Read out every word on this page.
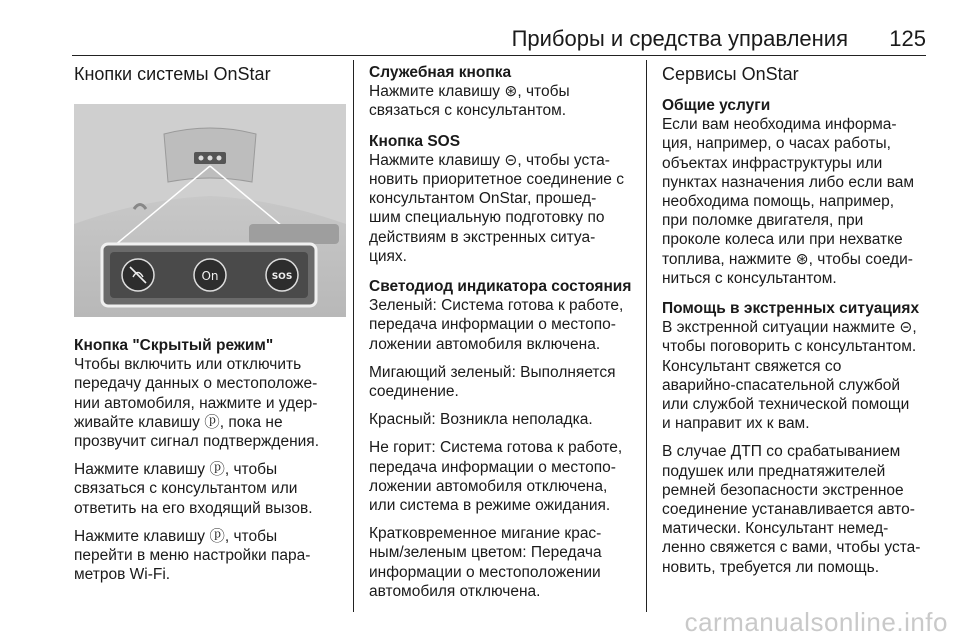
Приборы и средства управления 125
Кнопки системы OnStar
On	SOS
Кнопка "Скрытый режим"

Чтобы включить или отключить
передачу данных о местоположе-
нии автомобиля, нажмите и удер-
живайте клавишу ⓟ, пока не
прозвучит сигнал подтверждения.

Нажмите клавишу ⓟ, чтобы
связаться с консультантом или
ответить на его входящий вызов.

Нажмите клавишу ⓟ, чтобы
перейти в меню настройки пара-
метров Wi-Fi.

Служебная кнопка

Нажмите клавишу ⊛, чтобы
связаться с консультантом.

Кнопка SOS

Нажмите клавишу ⊝, чтобы уста-
новить приоритетное соединение с
консультантом OnStar, прошед-
шим специальную подготовку по
действиям в экстренных ситуа-
циях.

Светодиод индикатора состояния

Зеленый: Система готова к работе,
передача информации о местопо-
ложении автомобиля включена.

Мигающий зеленый: Выполняется
соединение.

Красный: Возникла неполадка.

Не горит: Система готова к работе,
передача информации о местопо-
ложении автомобиля отключена,
или система в режиме ожидания.

Кратковременное мигание крас-
ным/зеленым цветом: Передача
информации о местоположении
автомобиля отключена.

Сервисы OnStar
Общие услуги

Если вам необходима информа-
ция, например, о часах работы,
объектах инфраструктуры или
пунктах назначения либо если вам
необходима помощь, например,
при поломке двигателя, при
проколе колеса или при нехватке
топлива, нажмите ⊛, чтобы соеди-
ниться с консультантом.

Помощь в экстренных ситуациях

В экстренной ситуации нажмите ⊝,
чтобы поговорить с консультантом.
Консультант свяжется со
аварийно-спасательной службой
или службой технической помощи
и направит их к вам.

В случае ДТП со срабатыванием
подушек или преднатяжителей
ремней безопасности экстренное
соединение устанавливается авто-
матически. Консультант немед-
ленно свяжется с вами, чтобы уста-
новить, требуется ли помощь.

carmanualsonline.info
